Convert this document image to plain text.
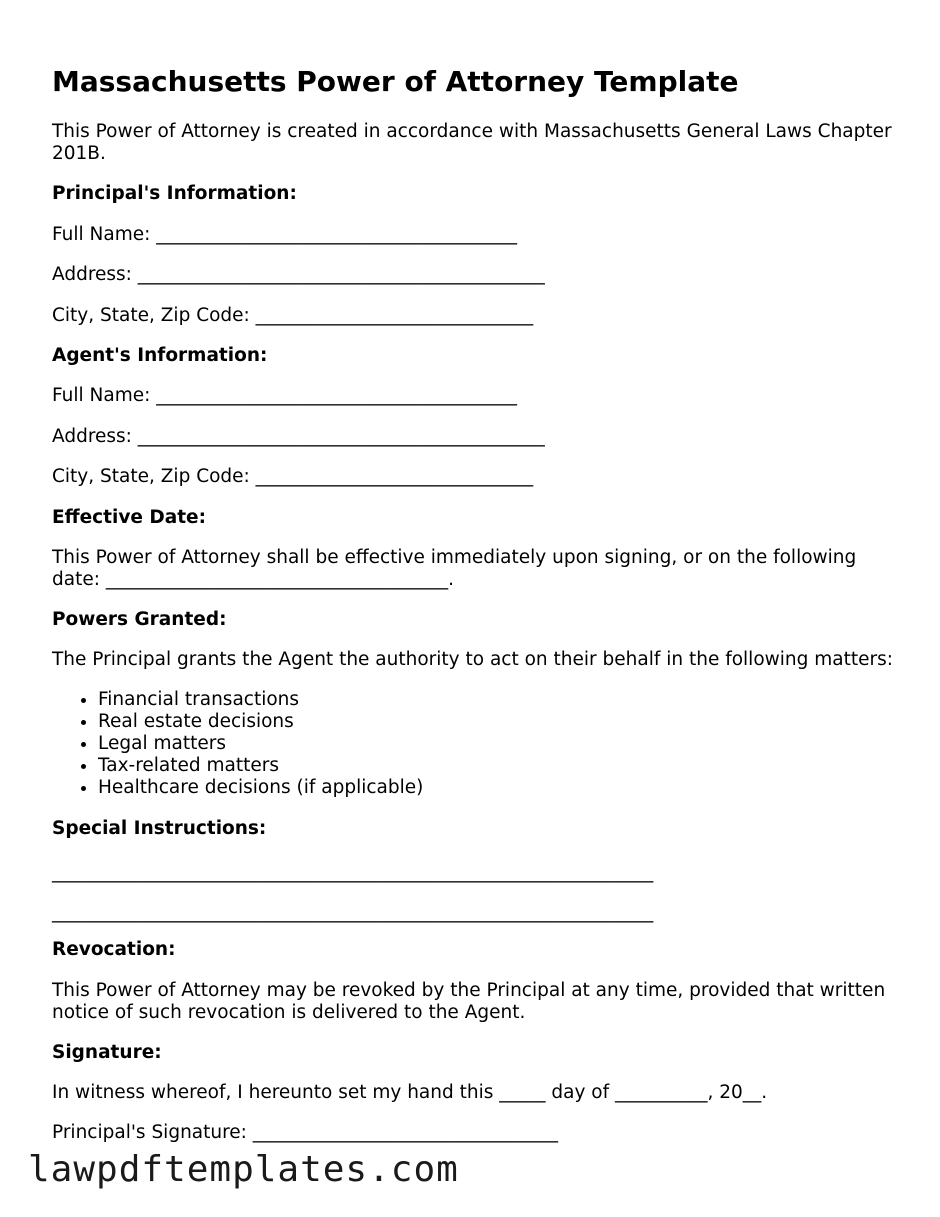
Massachusetts Power of Attorney Template
This Power of Attorney is created in accordance with Massachusetts General Laws Chapter 201B.
Principal's Information:
Full Name: _______________________________________
Address: ____________________________________________
City, State, Zip Code: ______________________________
Agent's Information:
Full Name: _______________________________________
Address: ____________________________________________
City, State, Zip Code: ______________________________
Effective Date:
This Power of Attorney shall be effective immediately upon signing, or on the following date: _____________________________________.
Powers Granted:
The Principal grants the Agent the authority to act on their behalf in the following matters:
• Financial transactions
• Real estate decisions
• Legal matters
• Tax-related matters
• Healthcare decisions (if applicable)
Special Instructions:
_________________________________________________________________
_________________________________________________________________
Revocation:
This Power of Attorney may be revoked by the Principal at any time, provided that written notice of such revocation is delivered to the Agent.
Signature:
In witness whereof, I hereunto set my hand this _____ day of __________, 20__.
Principal's Signature: _________________________________
lawpdftemplates.com
